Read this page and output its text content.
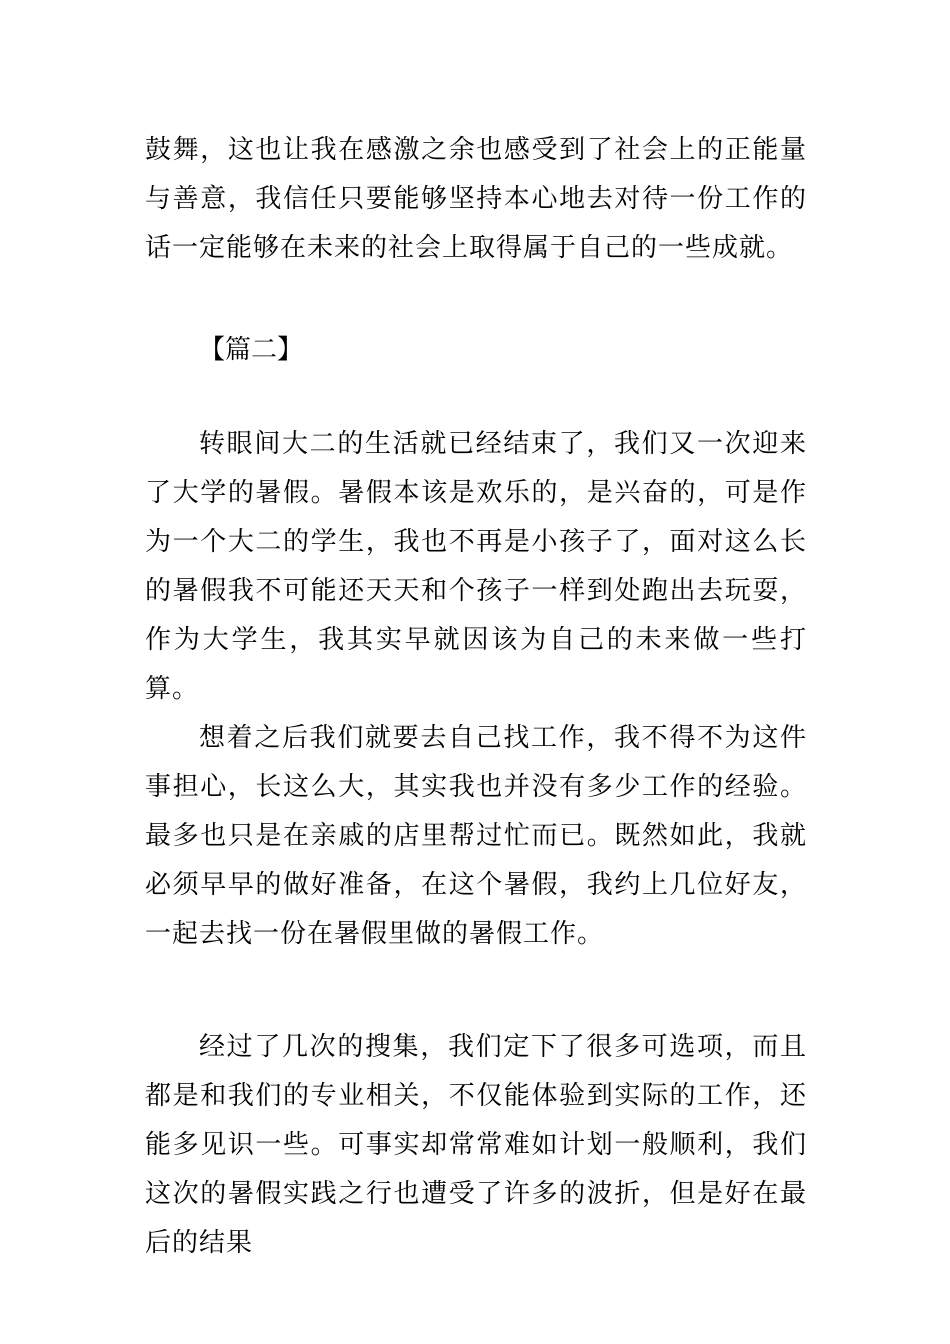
鼓舞，这也让我在感激之余也感受到了社会上的正能量与善意，我信任只要能够坚持本心地去对待一份工作的话一定能够在未来的社会上取得属于自己的一些成就。

【篇二】

转眼间大二的生活就已经结束了，我们又一次迎来了大学的暑假。暑假本该是欢乐的，是兴奋的，可是作为一个大二的学生，我也不再是小孩子了，面对这么长的暑假我不可能还天天和个孩子一样到处跑出去玩耍，作为大学生，我其实早就因该为自己的未来做一些打算。

想着之后我们就要去自己找工作，我不得不为这件事担心，长这么大，其实我也并没有多少工作的经验。最多也只是在亲戚的店里帮过忙而已。既然如此，我就必须早早的做好准备，在这个暑假，我约上几位好友，一起去找一份在暑假里做的暑假工作。

经过了几次的搜集，我们定下了很多可选项，而且都是和我们的专业相关，不仅能体验到实际的工作，还能多见识一些。可事实却常常难如计划一般顺利，我们这次的暑假实践之行也遭受了许多的波折，但是好在最后的结果
